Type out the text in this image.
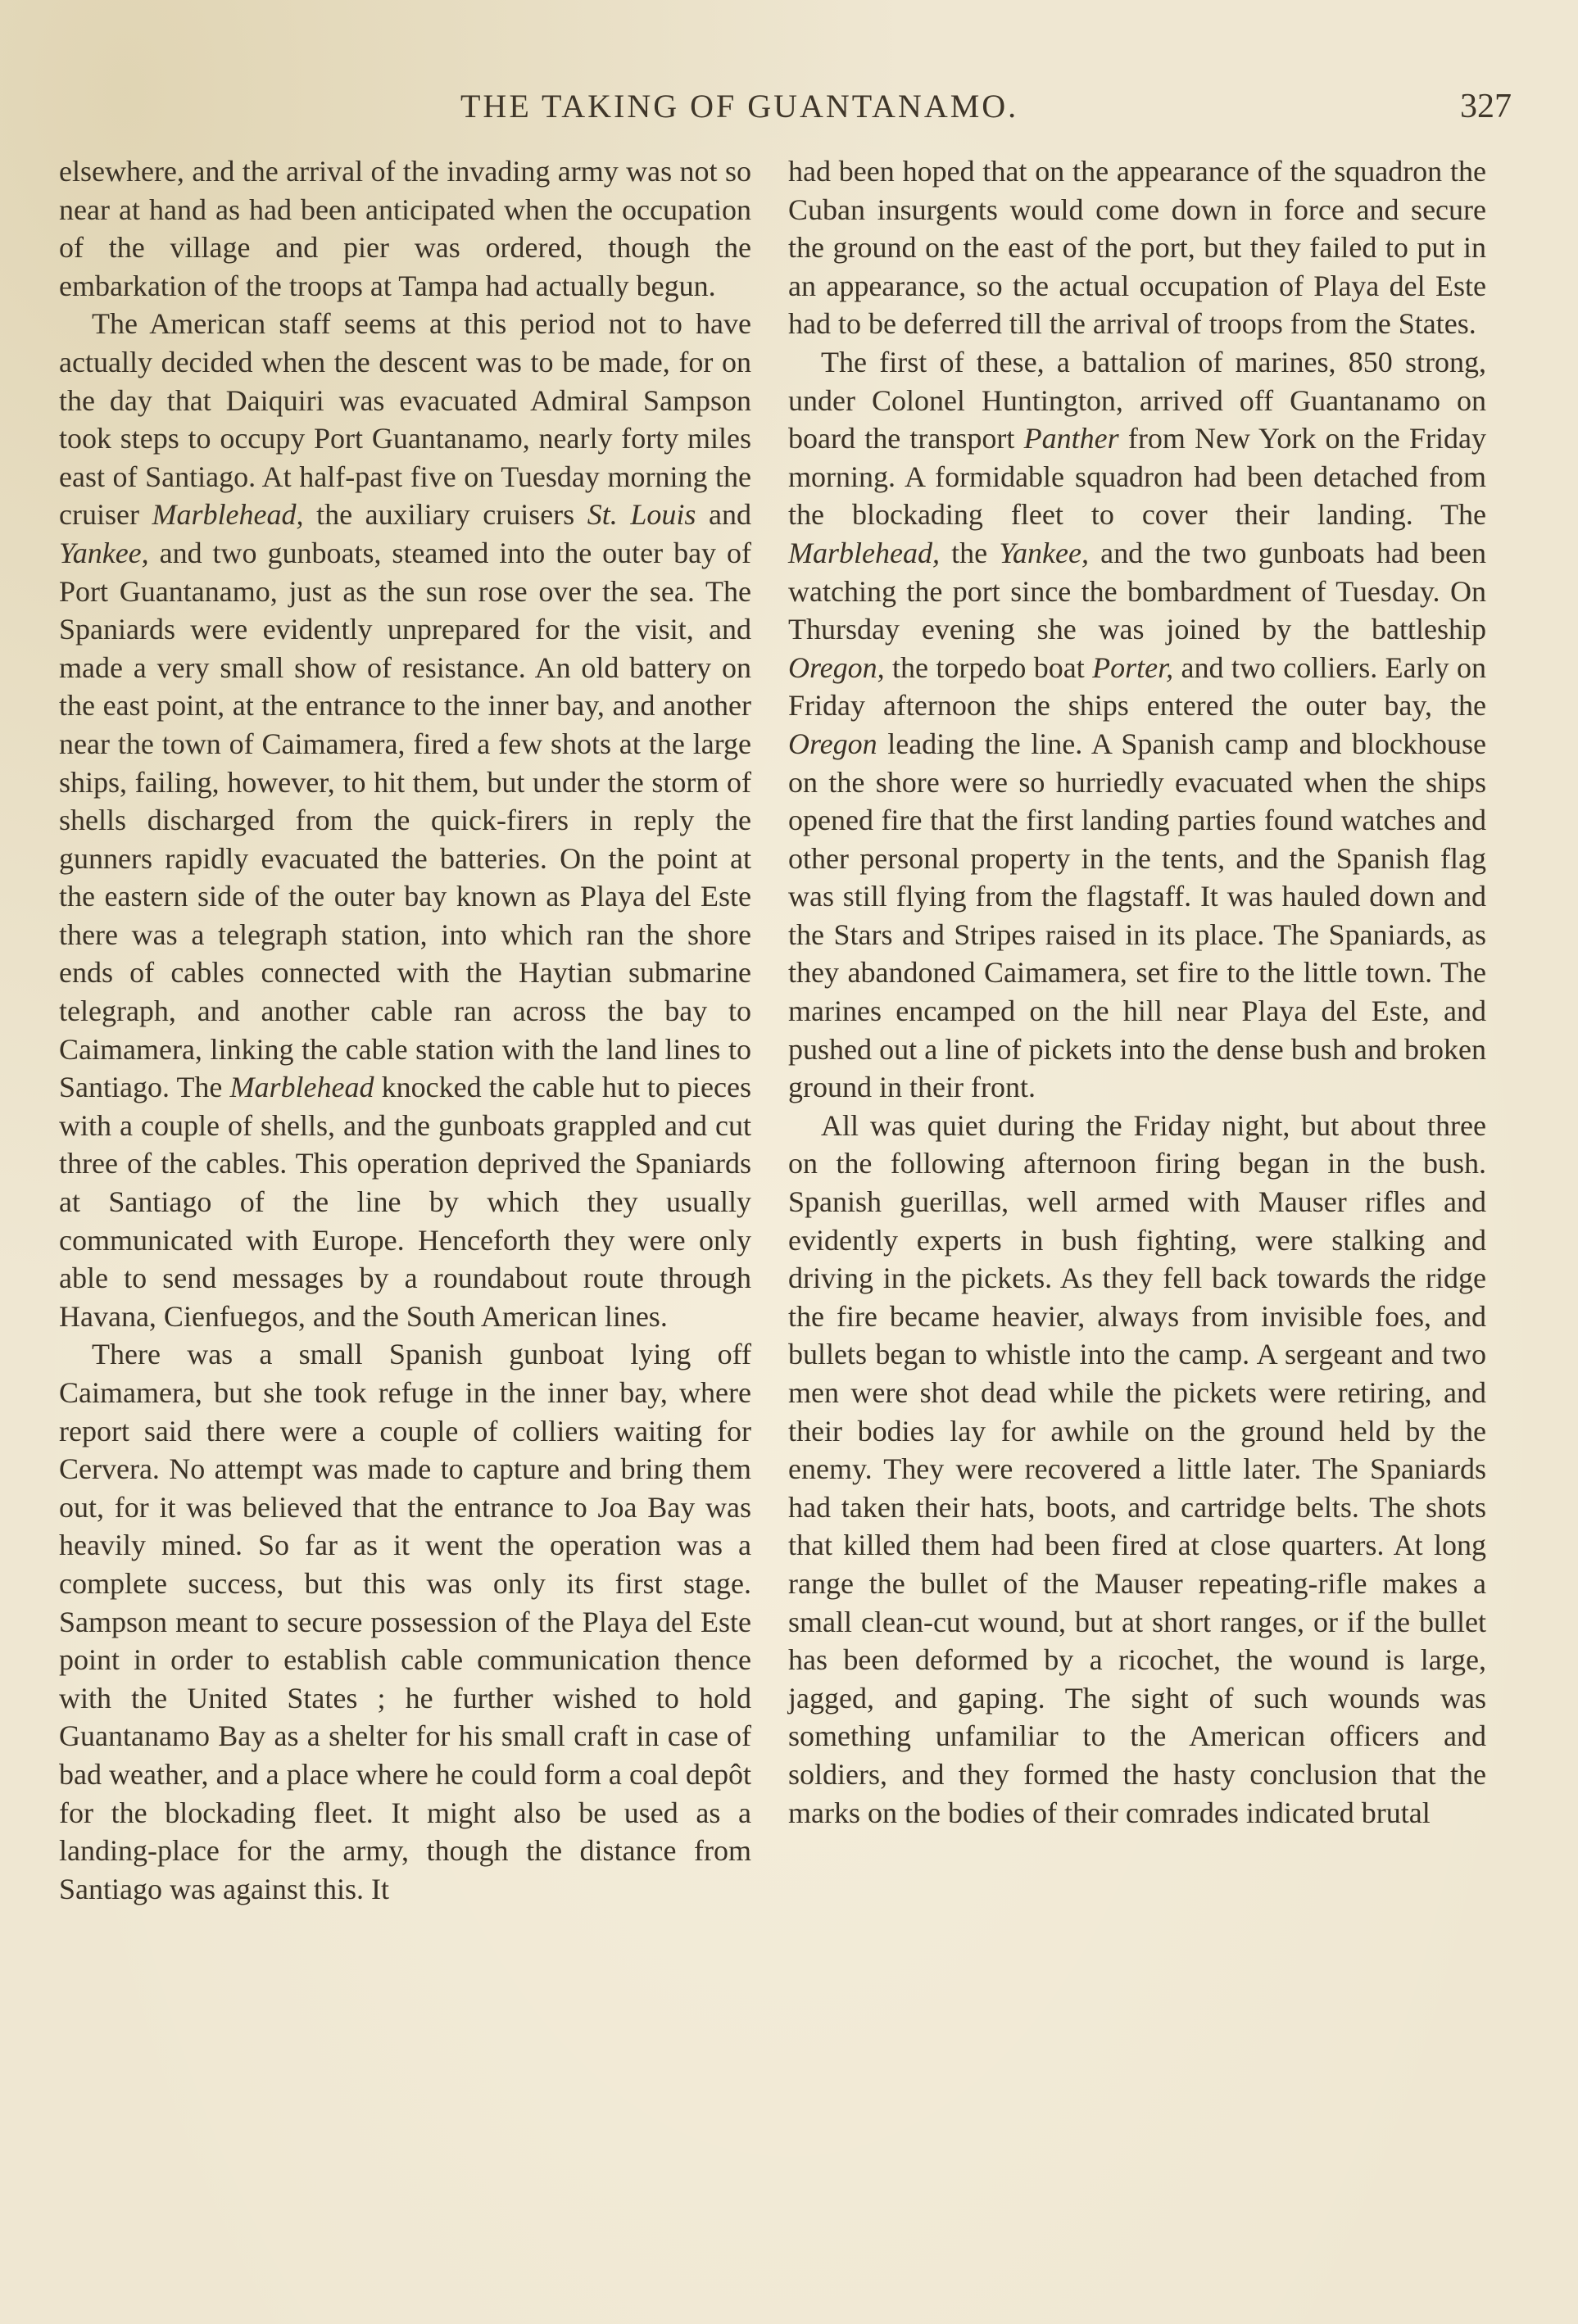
THE TAKING OF GUANTANAMO.	327

elsewhere, and the arrival of the invading army was not so near at hand as had been anticipated when the occupation of the village and pier was ordered, though the embarkation of the troops at Tampa had actually begun.

The American staff seems at this period not to have actually decided when the descent was to be made, for on the day that Daiquiri was evacuated Admiral Sampson took steps to occupy Port Guantanamo, nearly forty miles east of Santiago. At half-past five on Tuesday morning the cruiser Marblehead, the auxiliary cruisers St. Louis and Yankee, and two gunboats, steamed into the outer bay of Port Guantanamo, just as the sun rose over the sea. The Spaniards were evidently unprepared for the visit, and made a very small show of resistance. An old battery on the east point, at the entrance to the inner bay, and another near the town of Caimamera, fired a few shots at the large ships, failing, however, to hit them, but under the storm of shells discharged from the quick-firers in reply the gunners rapidly evacuated the batteries. On the point at the eastern side of the outer bay known as Playa del Este there was a telegraph station, into which ran the shore ends of cables connected with the Haytian submarine telegraph, and another cable ran across the bay to Caimamera, linking the cable station with the land lines to Santiago. The Marblehead knocked the cable hut to pieces with a couple of shells, and the gunboats grappled and cut three of the cables. This operation deprived the Spaniards at Santiago of the line by which they usually communicated with Europe. Henceforth they were only able to send messages by a roundabout route through Havana, Cienfuegos, and the South American lines.

There was a small Spanish gunboat lying off Caimamera, but she took refuge in the inner bay, where report said there were a couple of colliers waiting for Cervera. No attempt was made to capture and bring them out, for it was believed that the entrance to Joa Bay was heavily mined. So far as it went the operation was a complete success, but this was only its first stage. Sampson meant to secure possession of the Playa del Este point in order to establish cable communication thence with the United States ; he further wished to hold Guantanamo Bay as a shelter for his small craft in case of bad weather, and a place where he could form a coal depôt for the blockading fleet. It might also be used as a landing-place for the army, though the distance from Santiago was against this. It

had been hoped that on the appearance of the squadron the Cuban insurgents would come down in force and secure the ground on the east of the port, but they failed to put in an appearance, so the actual occupation of Playa del Este had to be deferred till the arrival of troops from the States.

The first of these, a battalion of marines, 850 strong, under Colonel Huntington, arrived off Guantanamo on board the transport Panther from New York on the Friday morning. A formidable squadron had been detached from the blockading fleet to cover their landing. The Marblehead, the Yankee, and the two gunboats had been watching the port since the bombardment of Tuesday. On Thursday evening she was joined by the battleship Oregon, the torpedo boat Porter, and two colliers. Early on Friday afternoon the ships entered the outer bay, the Oregon leading the line. A Spanish camp and blockhouse on the shore were so hurriedly evacuated when the ships opened fire that the first landing parties found watches and other personal property in the tents, and the Spanish flag was still flying from the flagstaff. It was hauled down and the Stars and Stripes raised in its place. The Spaniards, as they abandoned Caimamera, set fire to the little town. The marines encamped on the hill near Playa del Este, and pushed out a line of pickets into the dense bush and broken ground in their front.

All was quiet during the Friday night, but about three on the following afternoon firing began in the bush. Spanish guerillas, well armed with Mauser rifles and evidently experts in bush fighting, were stalking and driving in the pickets. As they fell back towards the ridge the fire became heavier, always from invisible foes, and bullets began to whistle into the camp. A sergeant and two men were shot dead while the pickets were retiring, and their bodies lay for awhile on the ground held by the enemy. They were recovered a little later. The Spaniards had taken their hats, boots, and cartridge belts. The shots that killed them had been fired at close quarters. At long range the bullet of the Mauser repeating-rifle makes a small clean-cut wound, but at short ranges, or if the bullet has been deformed by a ricochet, the wound is large, jagged, and gaping. The sight of such wounds was something unfamiliar to the American officers and soldiers, and they formed the hasty conclusion that the marks on the bodies of their comrades indicated brutal
